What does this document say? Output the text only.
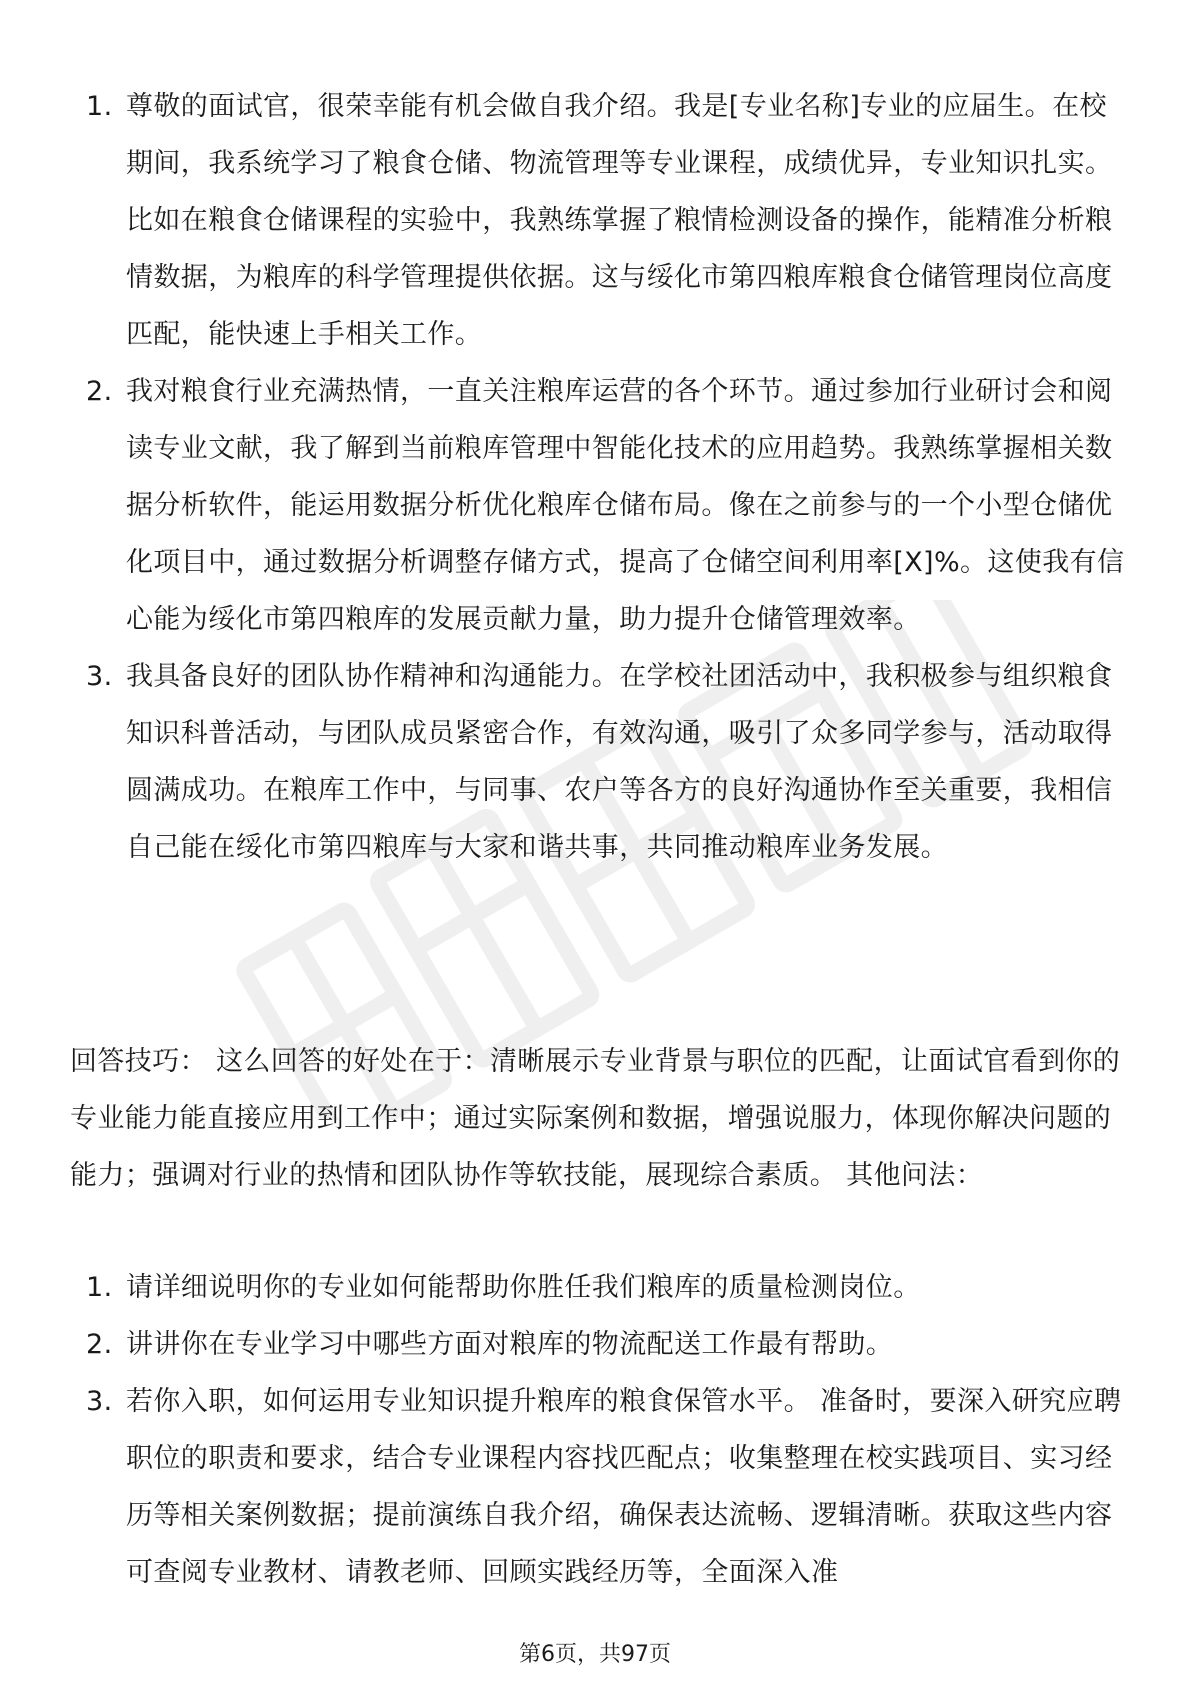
1. 尊敬的面试官，很荣幸能有机会做自我介绍。我是[专业名称]专业的应届生。在校期间，我系统学习了粮食仓储、物流管理等专业课程，成绩优异，专业知识扎实。比如在粮食仓储课程的实验中，我熟练掌握了粮情检测设备的操作，能精准分析粮情数据，为粮库的科学管理提供依据。这与绥化市第四粮库粮食仓储管理岗位高度匹配，能快速上手相关工作。
2. 我对粮食行业充满热情，一直关注粮库运营的各个环节。通过参加行业研讨会和阅读专业文献，我了解到当前粮库管理中智能化技术的应用趋势。我熟练掌握相关数据分析软件，能运用数据分析优化粮库仓储布局。像在之前参与的一个小型仓储优化项目中，通过数据分析调整存储方式，提高了仓储空间利用率[X]%。这使我有信心能为绥化市第四粮库的发展贡献力量，助力提升仓储管理效率。
3. 我具备良好的团队协作精神和沟通能力。在学校社团活动中，我积极参与组织粮食知识科普活动，与团队成员紧密合作，有效沟通，吸引了众多同学参与，活动取得圆满成功。在粮库工作中，与同事、农户等各方的良好沟通协作至关重要，我相信自己能在绥化市第四粮库与大家和谐共事，共同推动粮库业务发展。

回答技巧： 这么回答的好处在于：清晰展示专业背景与职位的匹配，让面试官看到你的专业能力能直接应用到工作中；通过实际案例和数据，增强说服力，体现你解决问题的能力；强调对行业的热情和团队协作等软技能，展现综合素质。 其他问法：

1. 请详细说明你的专业如何能帮助你胜任我们粮库的质量检测岗位。
2. 讲讲你在专业学习中哪些方面对粮库的物流配送工作最有帮助。
3. 若你入职，如何运用专业知识提升粮库的粮食保管水平。 准备时，要深入研究应聘职位的职责和要求，结合专业课程内容找匹配点；收集整理在校实践项目、实习经历等相关案例数据；提前演练自我介绍，确保表达流畅、逻辑清晰。获取这些内容可查阅专业教材、请教老师、回顾实践经历等，全面深入准
第6页，共97页
